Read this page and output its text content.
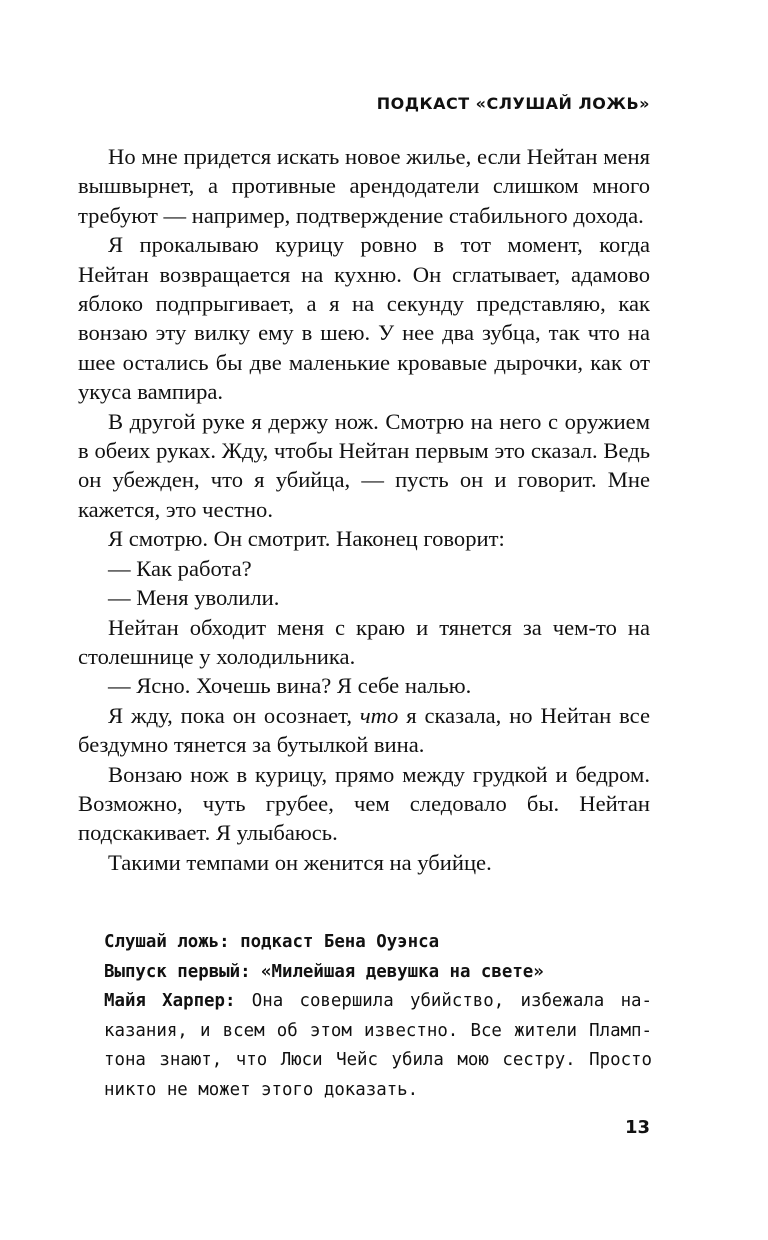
ПОДКАСТ «СЛУШАЙ ЛОЖЬ»

Но мне придется искать новое жилье, если Нейтан меня вышвырнет, а противные арендодатели слишком много требуют — например, подтверждение стабильного дохода.

Я прокалываю курицу ровно в тот момент, когда Нейтан возвращается на кухню. Он сглатывает, адамово яблоко подпрыгивает, а я на секунду представляю, как вонзаю эту вилку ему в шею. У нее два зубца, так что на шее остались бы две маленькие кровавые дырочки, как от укуса вампира.

В другой руке я держу нож. Смотрю на него с оружием в обеих руках. Жду, чтобы Нейтан первым это сказал. Ведь он убежден, что я убийца, — пусть он и говорит. Мне кажется, это честно.

Я смотрю. Он смотрит. Наконец говорит:

— Как работа?

— Меня уволили.

Нейтан обходит меня с краю и тянется за чем-то на столешнице у холодильника.

— Ясно. Хочешь вина? Я себе налью.

Я жду, пока он осознает, что я сказала, но Нейтан все бездумно тянется за бутылкой вина.

Вонзаю нож в курицу, прямо между грудкой и бедром. Возможно, чуть грубее, чем следовало бы. Нейтан подскакивает. Я улыбаюсь.

Такими темпами он женится на убийце.

Слушай ложь: подкаст Бена Оуэнса

Выпуск первый: «Милейшая девушка на свете»

Майя Харпер: Она совершила убийство, избежала наказания, и всем об этом известно. Все жители Пламптона знают, что Люси Чейс убила мою сестру. Просто никто не может этого доказать.

13
